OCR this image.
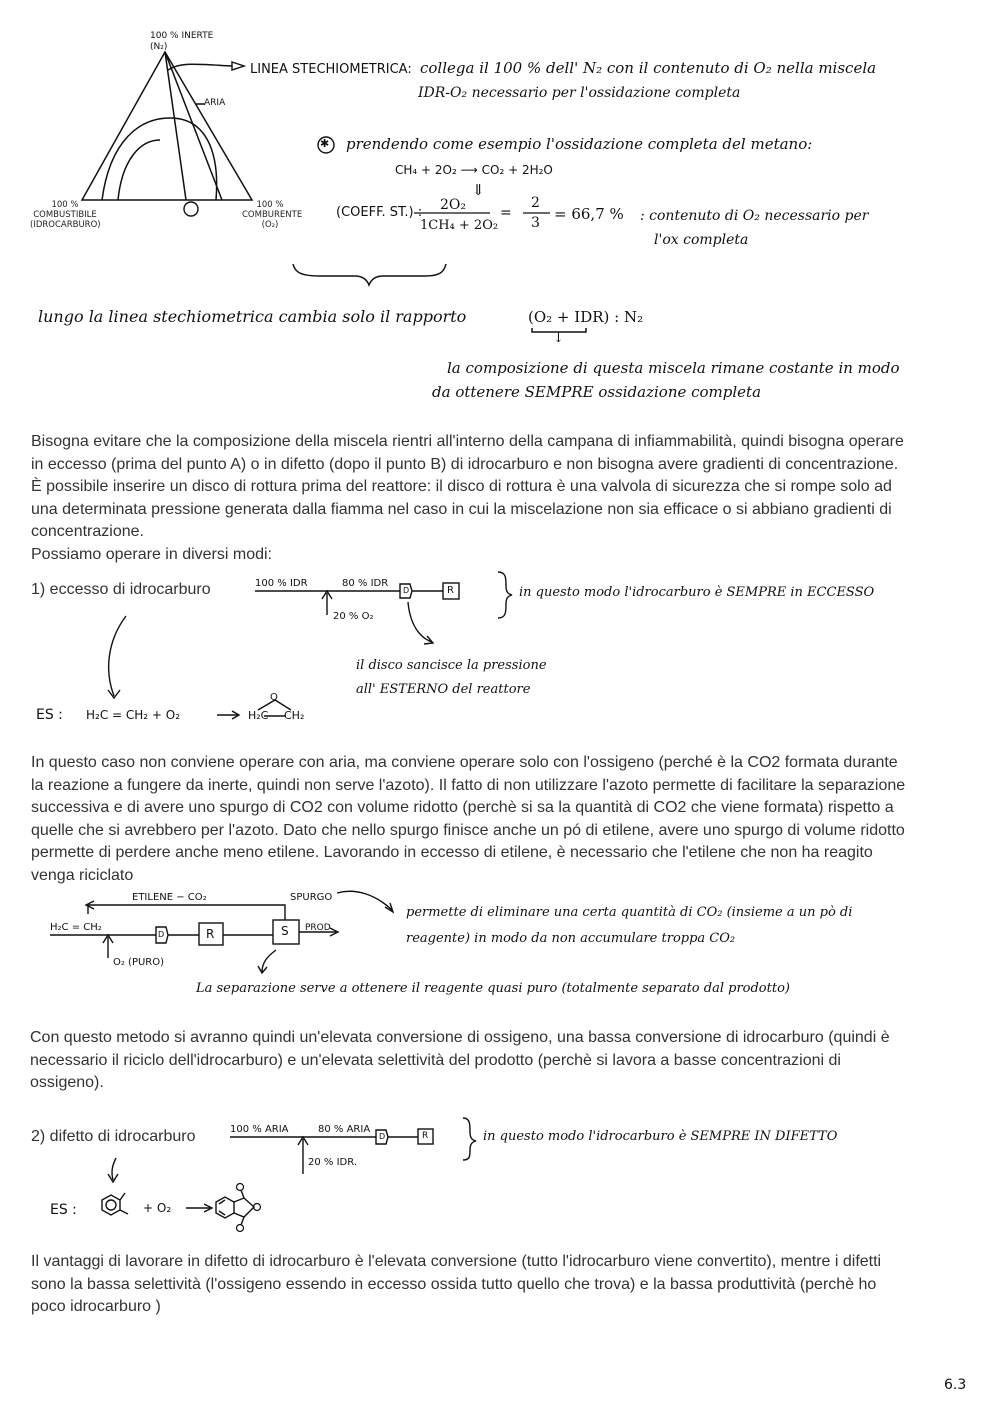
100 % INERTE (N₂)
ARIA
100 %
COMBUSTIBILE
(IDROCARBURO)
100 %
COMBURENTE
(O₂)
LINEA STECHIOMETRICA: collega il 100 % dell' N₂ con il contenuto di O₂ nella miscela
IDR-O₂ necessario per l'ossidazione completa
✱ prendendo come esempio l'ossidazione completa del metano:
CH₄ + 2O₂ ⟶ CO₂ + 2H₂O
⇓
(COEFF. ST.) : 2O₂
1CH₄ + 2O₂
=
2
3 = 66,7 % : contenuto di O₂ necessario per
l'ox completa
lungo la linea stechiometrica cambia solo il rapporto	(O₂ + IDR) : N₂
↓
la composizione di questa miscela rimane costante in modo
da ottenere SEMPRE ossidazione completa
Bisogna evitare che la composizione della miscela rientri all'interno della campana di infiammabilità, quindi bisogna operare
in eccesso (prima del punto A) o in difetto (dopo il punto B) di idrocarburo e non bisogna avere gradienti di concentrazione.
È possibile inserire un disco di rottura prima del reattore: il disco di rottura è una valvola di sicurezza che si rompe solo ad
una determinata pressione generata dalla fiamma nel caso in cui la miscelazione non sia efficace o si abbiano gradienti di
concentrazione.
Possiamo operare in diversi modi:
1) eccesso di idrocarburo	100 % IDR	80 % IDR
20 % O₂
D	R	in questo modo l'idrocarburo è SEMPRE in ECCESSO
il disco sancisce la pressione
all' ESTERNO del reattore
ES : H₂C = CH₂ + O₂
O
H₂C CH₂
In questo caso non conviene operare con aria, ma conviene operare solo con l'ossigeno (perché è la CO2 formata durante
la reazione a fungere da inerte, quindi non serve l'azoto). Il fatto di non utilizzare l'azoto permette di facilitare la separazione
successiva e di avere uno spurgo di CO2 con volume ridotto (perchè si sa la quantità di CO2 che viene formata) rispetto a
quelle che si avrebbero per l'azoto. Dato che nello spurgo finisce anche un pó di etilene, avere uno spurgo di volume ridotto
permette di perdere anche meno etilene. Lavorando in eccesso di etilene, è necessario che l'etilene che non ha reagito
venga riciclato
ETILENE − CO₂	SPURGO
H₂C = CH₂
O₂ (PURO)
D	R	S PROD
permette di eliminare una certa quantità di CO₂ (insieme a un pò di
reagente) in modo da non accumulare troppa CO₂
La separazione serve a ottenere il reagente quasi puro (totalmente separato dal prodotto)
Con questo metodo si avranno quindi un'elevata conversione di ossigeno, una bassa conversione di idrocarburo (quindi è
necessario il riciclo dell'idrocarburo) e un'elevata selettività del prodotto (perchè si lavora a basse concentrazioni di
ossigeno).
2) difetto di idrocarburo	100 % ARIA	80 % ARIA
20 % IDR.
D	R	in questo modo l'idrocarburo è SEMPRE IN DIFETTO
ES :	+ O₂
Il vantaggi di lavorare in difetto di idrocarburo è l'elevata conversione (tutto l'idrocarburo viene convertito), mentre i difetti
sono la bassa selettività (l'ossigeno essendo in eccesso ossida tutto quello che trova) e la bassa produttività (perchè ho
poco idrocarburo )
6.3
